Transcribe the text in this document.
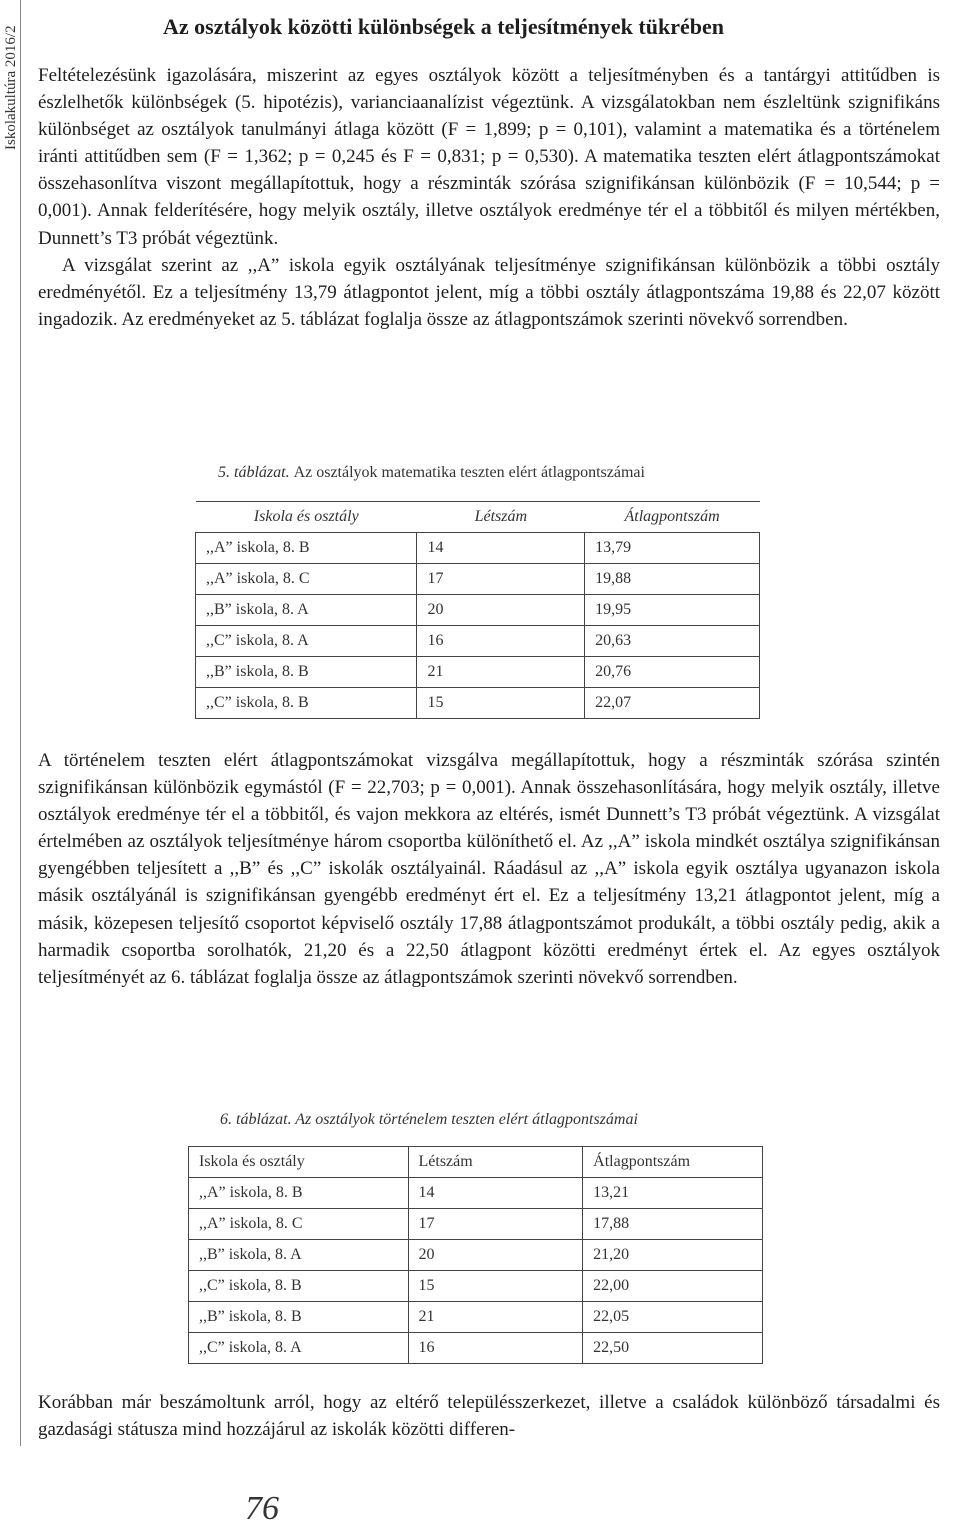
Iskolakultúra 2016/2	Az osztályok közötti különbségek a teljesítmények tükrében

Feltételezésünk igazolására, miszerint az egyes osztályok között a teljesítményben és a tantárgyi attitűdben is észlelhetők különbségek (5. hipotézis), varianciaanalízist végeztünk. A vizsgálatokban nem észleltünk szignifikáns különbséget az osztályok tanulmányi átlaga között (F = 1,899; p = 0,101), valamint a matematika és a történelem iránti attitűdben sem (F = 1,362; p = 0,245 és F = 0,831; p = 0,530). A matematika teszten elért átlagpontszámokat összehasonlítva viszont megállapítottuk, hogy a részminták szórása szignifikánsan különbözik (F = 10,544; p = 0,001). Annak felderítésére, hogy melyik osztály, illetve osztályok eredménye tér el a többitől és milyen mértékben, Dunnett’s T3 próbát végeztünk.
A vizsgálat szerint az ,,A” iskola egyik osztályának teljesítménye szignifikánsan különbözik a többi osztály eredményétől. Ez a teljesítmény 13,79 átlagpontot jelent, míg a többi osztály átlagpontszáma 19,88 és 22,07 között ingadozik. Az eredményeket az 5. táblázat foglalja össze az átlagpontszámok szerinti növekvő sorrendben.

5. táblázat. Az osztályok matematika teszten elért átlagpontszámai
Iskola és osztály	Létszám	Átlagpontszám
,,A” iskola, 8. B	14	13,79
,,A” iskola, 8. C	17	19,88
,,B” iskola, 8. A	20	19,95
,,C” iskola, 8. A	16	20,63
,,B” iskola, 8. B	21	20,76
,,C” iskola, 8. B	15	22,07

A történelem teszten elért átlagpontszámokat vizsgálva megállapítottuk, hogy a részminták szórása szintén szignifikánsan különbözik egymástól (F = 22,703; p = 0,001). Annak összehasonlítására, hogy melyik osztály, illetve osztályok eredménye tér el a többitől, és vajon mekkora az eltérés, ismét Dunnett’s T3 próbát végeztünk. A vizsgálat értelmében az osztályok teljesítménye három csoportba különíthető el. Az ,,A” iskola mindkét osztálya szignifikánsan gyengébben teljesített a ,,B” és ,,C” iskolák osztályainál. Ráadásul az ,,A” iskola egyik osztálya ugyanazon iskola másik osztályánál is szignifikánsan gyengébb eredményt ért el. Ez a teljesítmény 13,21 átlagpontot jelent, míg a másik, közepesen teljesítő csoportot képviselő osztály 17,88 átlagpontszámot produkált, a többi osztály pedig, akik a harmadik csoportba sorolhatók, 21,20 és a 22,50 átlagpont közötti eredményt értek el. Az egyes osztályok teljesítményét az 6. táblázat foglalja össze az átlagpontszámok szerinti növekvő sorrendben.

6. táblázat. Az osztályok történelem teszten elért átlagpontszámai
Iskola és osztály	Létszám	Átlagpontszám
,,A” iskola, 8. B	14	13,21
,,A” iskola, 8. C	17	17,88
,,B” iskola, 8. A	20	21,20
,,C” iskola, 8. B	15	22,00
,,B” iskola, 8. B	21	22,05
,,C” iskola, 8. A	16	22,50

Korábban már beszámoltunk arról, hogy az eltérő településszerkezet, illetve a családok különböző társadalmi és gazdasági státusza mind hozzájárul az iskolák közötti differen-

76
